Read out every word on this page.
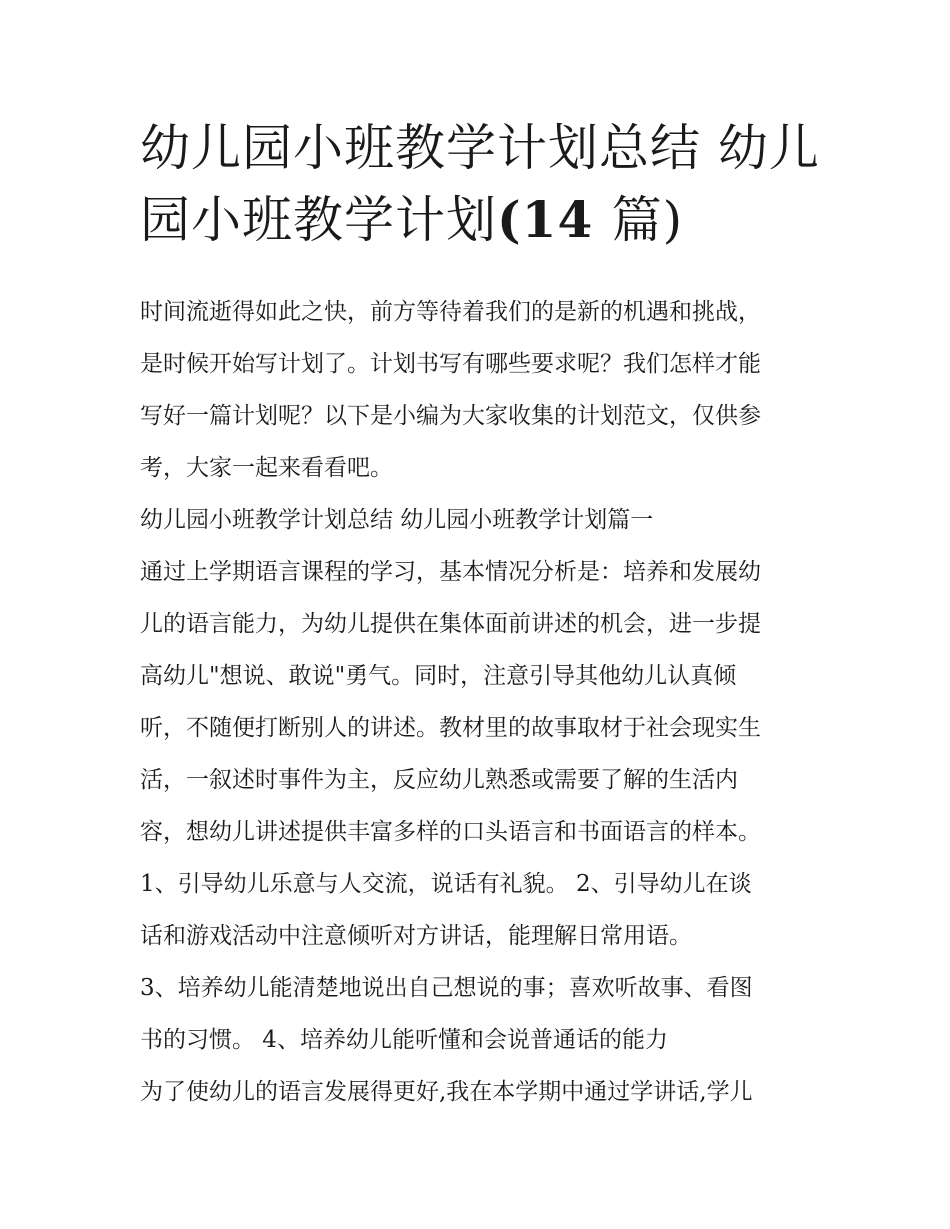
幼儿园小班教学计划总结 幼儿园小班教学计划(14 篇)
时间流逝得如此之快，前方等待着我们的是新的机遇和挑战，
是时候开始写计划了。计划书写有哪些要求呢？我们怎样才能
写好一篇计划呢？以下是小编为大家收集的计划范文，仅供参
考，大家一起来看看吧。
幼儿园小班教学计划总结 幼儿园小班教学计划篇一
通过上学期语言课程的学习，基本情况分析是：培养和发展幼
儿的语言能力，为幼儿提供在集体面前讲述的机会，进一步提
高幼儿"想说、敢说"勇气。同时，注意引导其他幼儿认真倾
听，不随便打断别人的讲述。教材里的故事取材于社会现实生
活，一叙述时事件为主，反应幼儿熟悉或需要了解的生活内
容，想幼儿讲述提供丰富多样的口头语言和书面语言的样本。
1、引导幼儿乐意与人交流，说话有礼貌。 2、引导幼儿在谈
话和游戏活动中注意倾听对方讲话，能理解日常用语。
3、培养幼儿能清楚地说出自己想说的事；喜欢听故事、看图
书的习惯。 4、培养幼儿能听懂和会说普通话的能力
为了使幼儿的语言发展得更好,我在本学期中通过学讲话,学儿
